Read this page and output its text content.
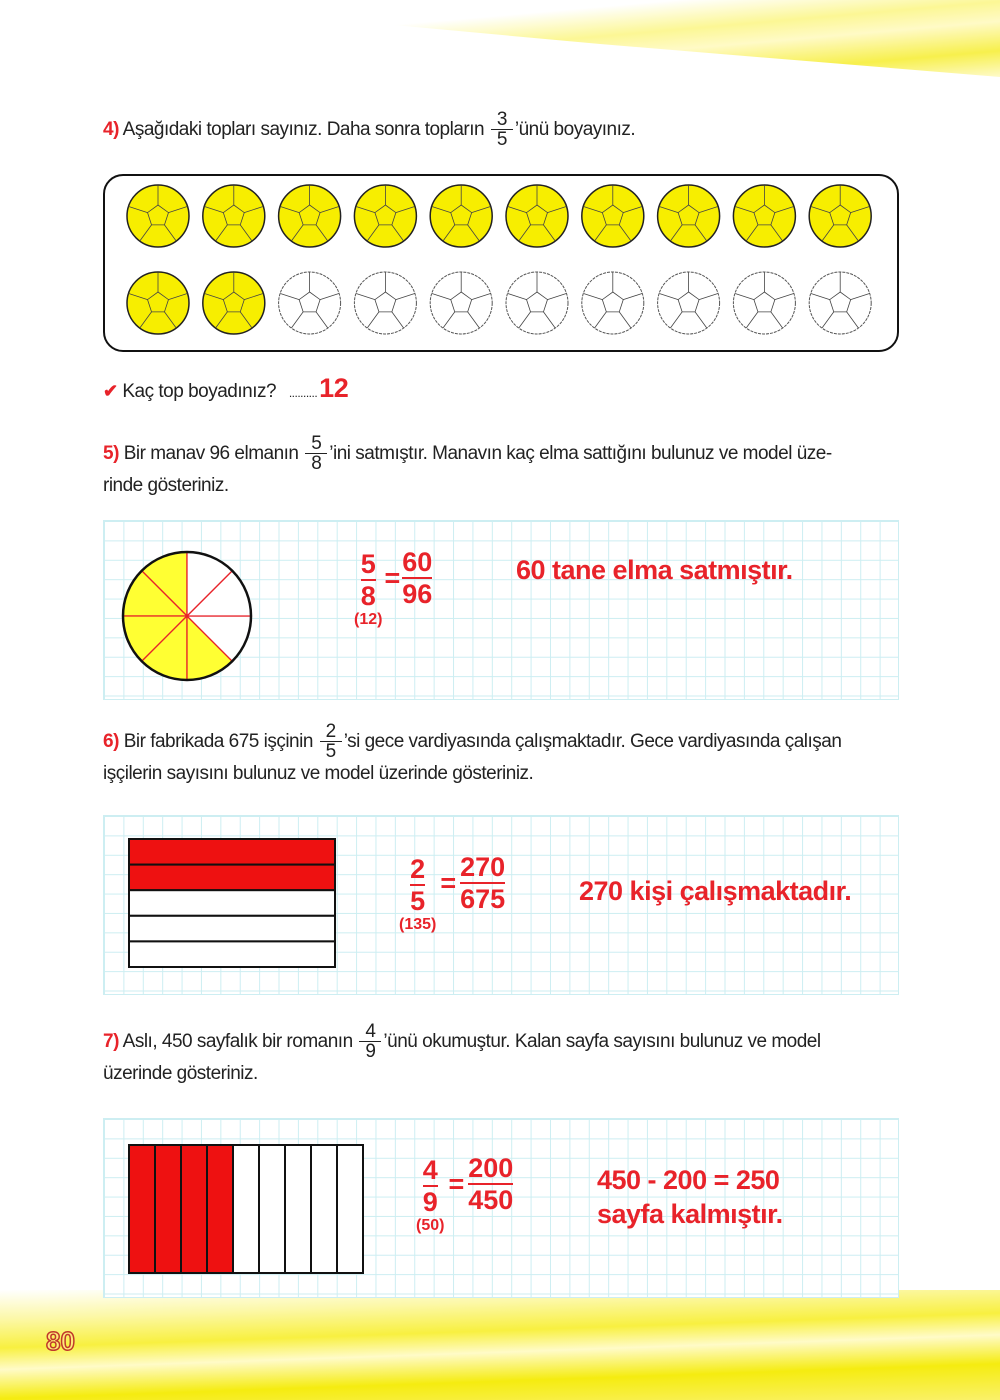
4) Aşağıdaki topları sayınız. Daha sonra topların $\frac{3}{5}$ ’ünü boyayınız.
✔ Kaç top boyadınız? ..........12
5) Bir manav 96 elmanın $\frac{5}{8}$ ’ini satmıştır. Manavın kaç elma sattığını bulunuz ve model üze-
rinde gösteriniz.
5
8
(12)
=
60
96
60 tane elma satmıştır.
6) Bir fabrikada 675 işçinin $\frac{2}{5}$ ’si gece vardiyasında çalışmaktadır. Gece vardiyasında çalışan
işçilerin sayısını bulunuz ve model üzerinde gösteriniz.
2
5
(135)
=
270
675	270 kişi çalışmaktadır.
7) Aslı, 450 sayfalık bir romanın $\frac{4}{9}$ ’ünü okumuştur. Kalan sayfa sayısını bulunuz ve model
üzerinde gösteriniz.
4
9
(50)
=
200
450
450 - 200 = 250
sayfa kalmıştır.
80
